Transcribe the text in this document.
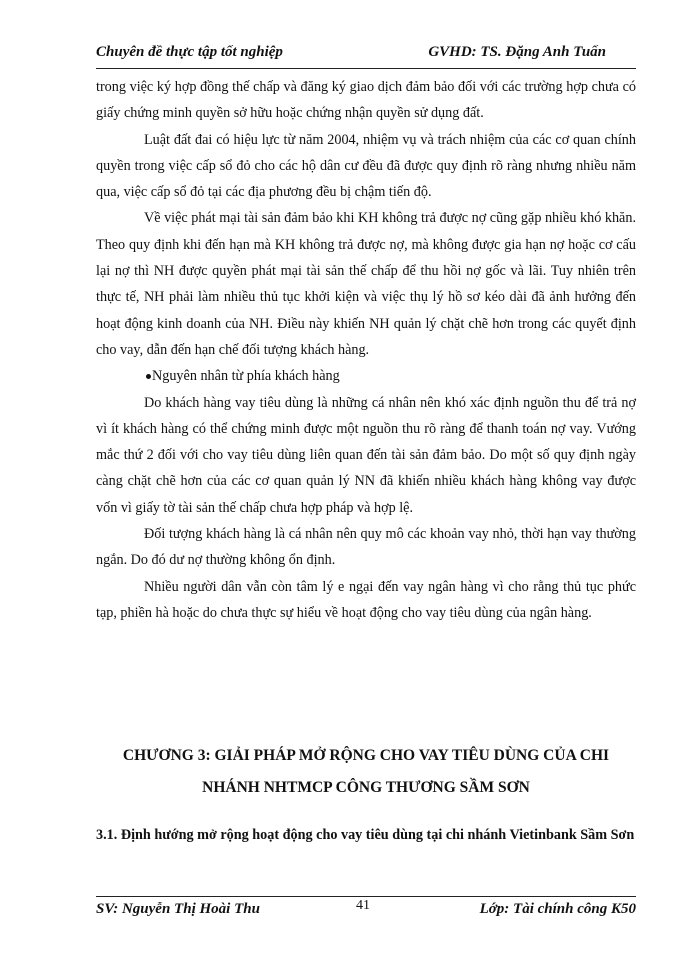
Chuyên đề thực tập tốt nghiệp	GVHD: TS. Đặng Anh Tuấn

trong việc ký hợp đồng thế chấp và đăng ký giao dịch đảm bảo đối với các trường hợp chưa có giấy chứng minh quyền sở hữu hoặc chứng nhận quyền sử dụng đất.

Luật đất đai có hiệu lực từ năm 2004, nhiệm vụ và trách nhiệm của các cơ quan chính quyền trong việc cấp sổ đỏ cho các hộ dân cư đều đã được quy định rõ ràng nhưng nhiều năm qua, việc cấp sổ đỏ tại các địa phương đều bị chậm tiến độ.

Về việc phát mại tài sản đảm bảo khi KH không trả được nợ cũng gặp nhiều khó khăn. Theo quy định khi đến hạn mà KH không trả được nợ, mà không được gia hạn nợ hoặc cơ cấu lại nợ thì NH được quyền phát mại tài sản thế chấp để thu hồi nợ gốc và lãi. Tuy nhiên trên thực tế, NH phải làm nhiều thủ tục khởi kiện và việc thụ lý hồ sơ kéo dài đã ảnh hưởng đến hoạt động kinh doanh của NH. Điều này khiến NH quản lý chặt chẽ hơn trong các quyết định cho vay, dẫn đến hạn chế đối tượng khách hàng.

Nguyên nhân từ phía khách hàng

Do khách hàng vay tiêu dùng là những cá nhân nên khó xác định nguồn thu để trả nợ vì ít khách hàng có thể chứng minh được một nguồn thu rõ ràng để thanh toán nợ vay. Vướng mắc thứ 2 đối với cho vay tiêu dùng liên quan đến tài sản đảm bảo. Do một số quy định ngày càng chặt chẽ hơn của các cơ quan quản lý NN đã khiến nhiều khách hàng không vay được vốn vì giấy tờ tài sản thế chấp chưa hợp pháp và hợp lệ.

Đối tượng khách hàng là cá nhân nên quy mô các khoản vay nhỏ, thời hạn vay thường ngắn. Do đó dư nợ thường không ổn định.

Nhiều người dân vẫn còn tâm lý e ngại đến vay ngân hàng vì cho rằng thủ tục phức tạp, phiền hà hoặc do chưa thực sự hiểu về hoạt động cho vay tiêu dùng của ngân hàng.

CHƯƠNG 3: GIẢI PHÁP MỞ RỘNG CHO VAY TIÊU DÙNG CỦA CHI
NHÁNH NHTMCP CÔNG THƯƠNG SẦM SƠN
3.1. Định hướng mở rộng hoạt động cho vay tiêu dùng tại chi nhánh Vietinbank Sầm Sơn
SV: Nguyễn Thị Hoài Thu	41	Lớp: Tài chính công K50
